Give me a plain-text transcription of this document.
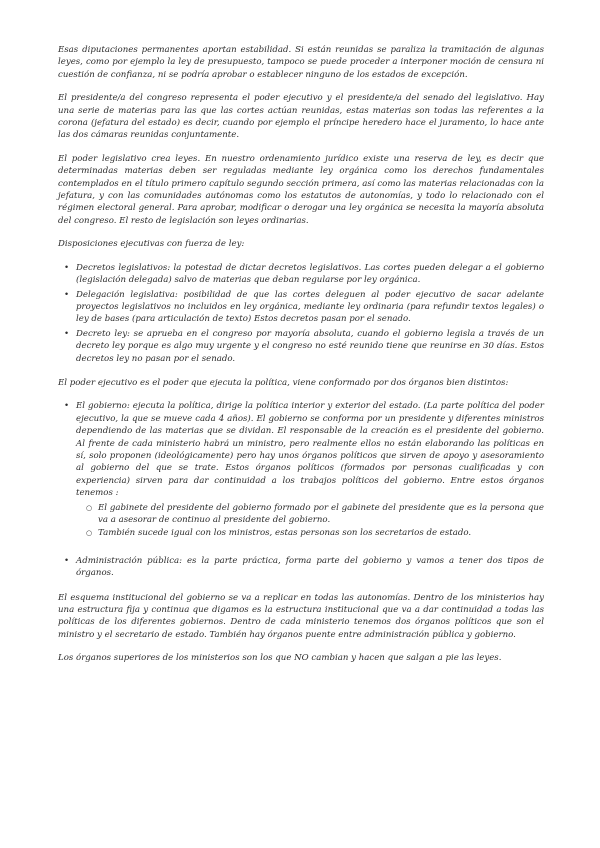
Esas diputaciones permanentes aportan estabilidad. Si están reunidas se paraliza la tramitación de algunas leyes, como por ejemplo la ley de presupuesto, tampoco se puede proceder a interponer moción de censura ni cuestión de confianza, ni se podría aprobar o establecer ninguno de los estados de excepción.

El presidente/a del congreso representa el poder ejecutivo y el presidente/a del senado del legislativo. Hay una serie de materias para las que las cortes actúan reunidas, estas materias son todas las referentes a la corona (jefatura del estado) es decir, cuando por ejemplo el príncipe heredero hace el juramento, lo hace ante las dos cámaras reunidas conjuntamente.

El poder legislativo crea leyes. En nuestro ordenamiento jurídico existe una reserva de ley, es decir que determinadas materias deben ser reguladas mediante ley orgánica como los derechos fundamentales contemplados en el título primero capítulo segundo sección primera, así como las materias relacionadas con la jefatura, y con las comunidades autónomas como los estatutos de autonomías, y todo lo relacionado con el régimen electoral general. Para aprobar, modificar o derogar una ley orgánica se necesita la mayoría absoluta del congreso. El resto de legislación son leyes ordinarias.

Disposiciones ejecutivas con fuerza de ley:

• Decretos legislativos: la potestad de dictar decretos legislativos. Las cortes pueden delegar a el gobierno (legislación delegada) salvo de materias que deban regularse por ley orgánica.
• Delegación legislativa: posibilidad de que las cortes deleguen al poder ejecutivo de sacar adelante proyectos legislativos no incluidos en ley orgánica, mediante ley ordinaria (para refundir textos legales) o ley de bases (para articulación de texto) Estos decretos pasan por el senado.
• Decreto ley: se aprueba en el congreso por mayoría absoluta, cuando el gobierno legisla a través de un decreto ley porque es algo muy urgente y el congreso no esté reunido tiene que reunirse en 30 días. Estos decretos ley no pasan por el senado.

El poder ejecutivo es el poder que ejecuta la política, viene conformado por dos órganos bien distintos:

• El gobierno: ejecuta la política, dirige la política interior y exterior del estado. (La parte política del poder ejecutivo, la que se mueve cada 4 años). El gobierno se conforma por un presidente y diferentes ministros dependiendo de las materias que se dividan. El responsable de la creación es el presidente del gobierno. Al frente de cada ministerio habrá un ministro, pero realmente ellos no están elaborando las políticas en sí, solo proponen (ideológicamente) pero hay unos órganos políticos que sirven de apoyo y asesoramiento al gobierno del que se trate. Estos órganos políticos (formados por personas cualificadas y con experiencia) sirven para dar continuidad a los trabajos políticos del gobierno. Entre estos órganos tenemos :
○ El gabinete del presidente del gobierno formado por el gabinete del presidente que es la persona que va a asesorar de continuo al presidente del gobierno.
○ También sucede igual con los ministros, estas personas son los secretarios de estado.
• Administración pública: es la parte práctica, forma parte del gobierno y vamos a tener dos tipos de órganos.

El esquema institucional del gobierno se va a replicar en todas las autonomías. Dentro de los ministerios hay una estructura fija y continua que digamos es la estructura institucional que va a dar continuidad a todas las políticas de los diferentes gobiernos. Dentro de cada ministerio tenemos dos órganos políticos que son el ministro y el secretario de estado. También hay órganos puente entre administración pública y gobierno.

Los órganos superiores de los ministerios son los que NO cambian y hacen que salgan a pie las leyes.
